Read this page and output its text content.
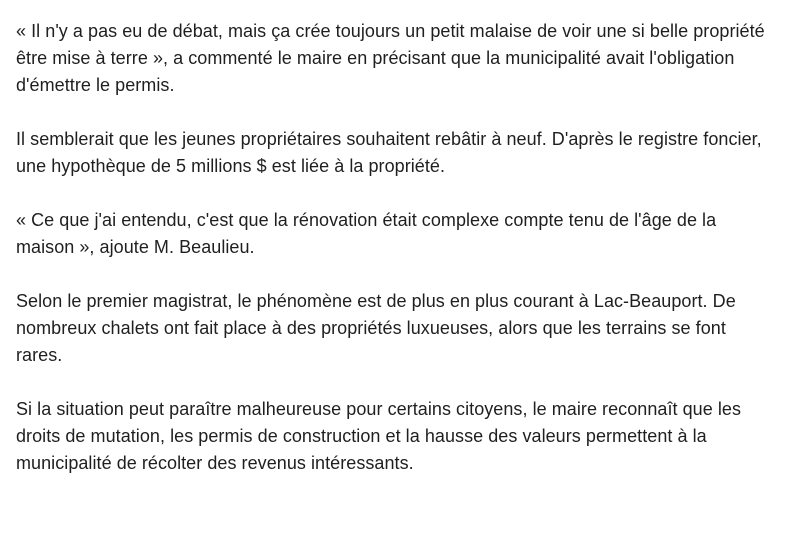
« Il n'y a pas eu de débat, mais ça crée toujours un petit malaise de voir une si belle propriété être mise à terre », a commenté le maire en précisant que la municipalité avait l'obligation d'émettre le permis.

Il semblerait que les jeunes propriétaires souhaitent rebâtir à neuf. D'après le registre foncier, une hypothèque de 5 millions $ est liée à la propriété.

« Ce que j'ai entendu, c'est que la rénovation était complexe compte tenu de l'âge de la maison », ajoute M. Beaulieu.

Selon le premier magistrat, le phénomène est de plus en plus courant à Lac-Beauport. De nombreux chalets ont fait place à des propriétés luxueuses, alors que les terrains se font rares.

Si la situation peut paraître malheureuse pour certains citoyens, le maire reconnaît que les droits de mutation, les permis de construction et la hausse des valeurs permettent à la municipalité de récolter des revenus intéressants.
